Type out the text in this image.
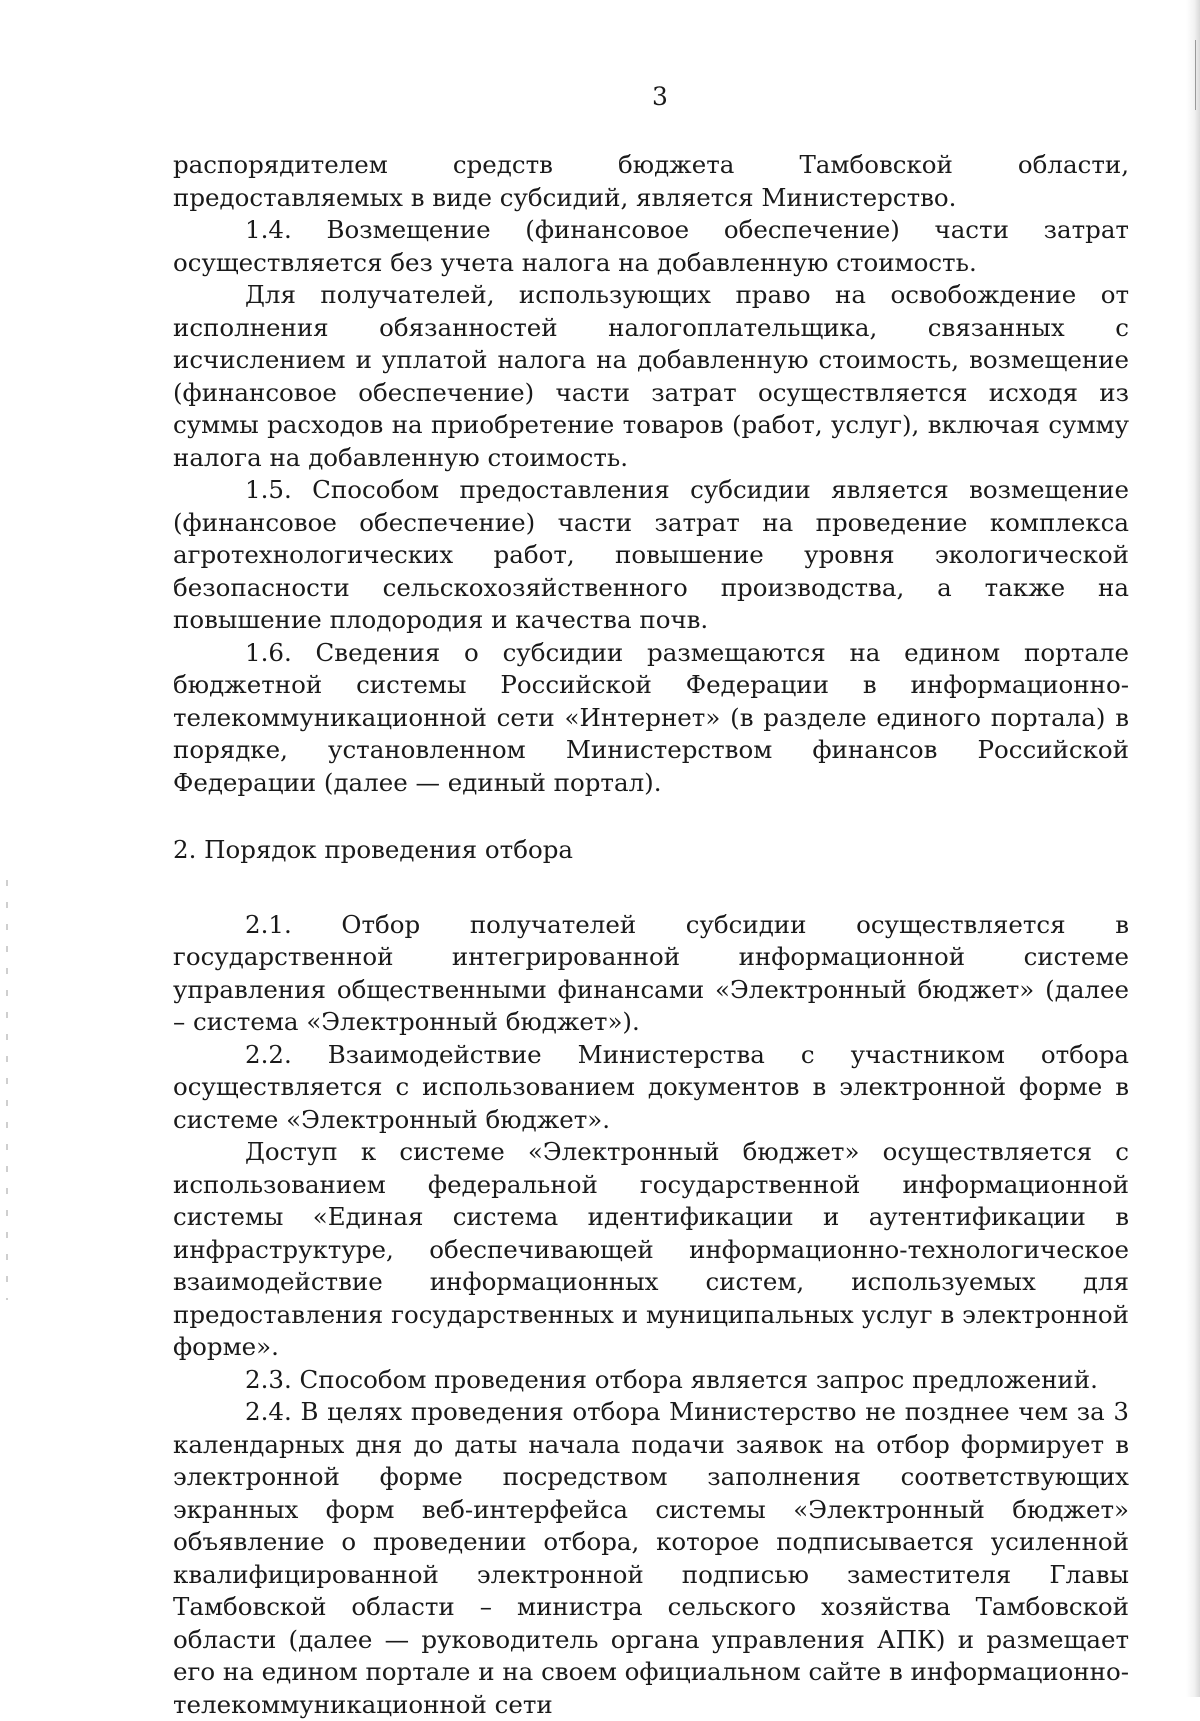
3

распорядителем средств бюджета Тамбовской области, предоставляемых в виде субсидий, является Министерство.

1.4. Возмещение (финансовое обеспечение) части затрат осуществляется без учета налога на добавленную стоимость.

Для получателей, использующих право на освобождение от исполнения обязанностей налогоплательщика, связанных с исчислением и уплатой налога на добавленную стоимость, возмещение (финансовое обеспечение) части затрат осуществляется исходя из суммы расходов на приобретение товаров (работ, услуг), включая сумму налога на добавленную стоимость.

1.5. Способом предоставления субсидии является возмещение (финансовое обеспечение) части затрат на проведение комплекса агротехнологических работ, повышение уровня экологической безопасности сельскохозяйственного производства, а также на повышение плодородия и качества почв.

1.6. Сведения о субсидии размещаются на едином портале бюджетной системы Российской Федерации в информационно-телекоммуникационной сети «Интернет» (в разделе единого портала) в порядке, установленном Министерством финансов Российской Федерации (далее — единый портал).

2. Порядок проведения отбора

2.1. Отбор получателей субсидии осуществляется в государственной интегрированной информационной системе управления общественными финансами «Электронный бюджет» (далее – система «Электронный бюджет»).

2.2. Взаимодействие Министерства с участником отбора осуществляется с использованием документов в электронной форме в системе «Электронный бюджет».

Доступ к системе «Электронный бюджет» осуществляется с использованием федеральной государственной информационной системы «Единая система идентификации и аутентификации в инфраструктуре, обеспечивающей информационно-технологическое взаимодействие информационных систем, используемых для предоставления государственных и муниципальных услуг в электронной форме».

2.3. Способом проведения отбора является запрос предложений.

2.4. В целях проведения отбора Министерство не позднее чем за 3 календарных дня до даты начала подачи заявок на отбор формирует в электронной форме посредством заполнения соответствующих экранных форм веб-интерфейса системы «Электронный бюджет» объявление о проведении отбора, которое подписывается усиленной квалифицированной электронной подписью заместителя Главы Тамбовской области – министра сельского хозяйства Тамбовской области (далее — руководитель органа управления АПК) и размещает его на едином портале и на своем официальном сайте в информационно-телекоммуникационной сети
